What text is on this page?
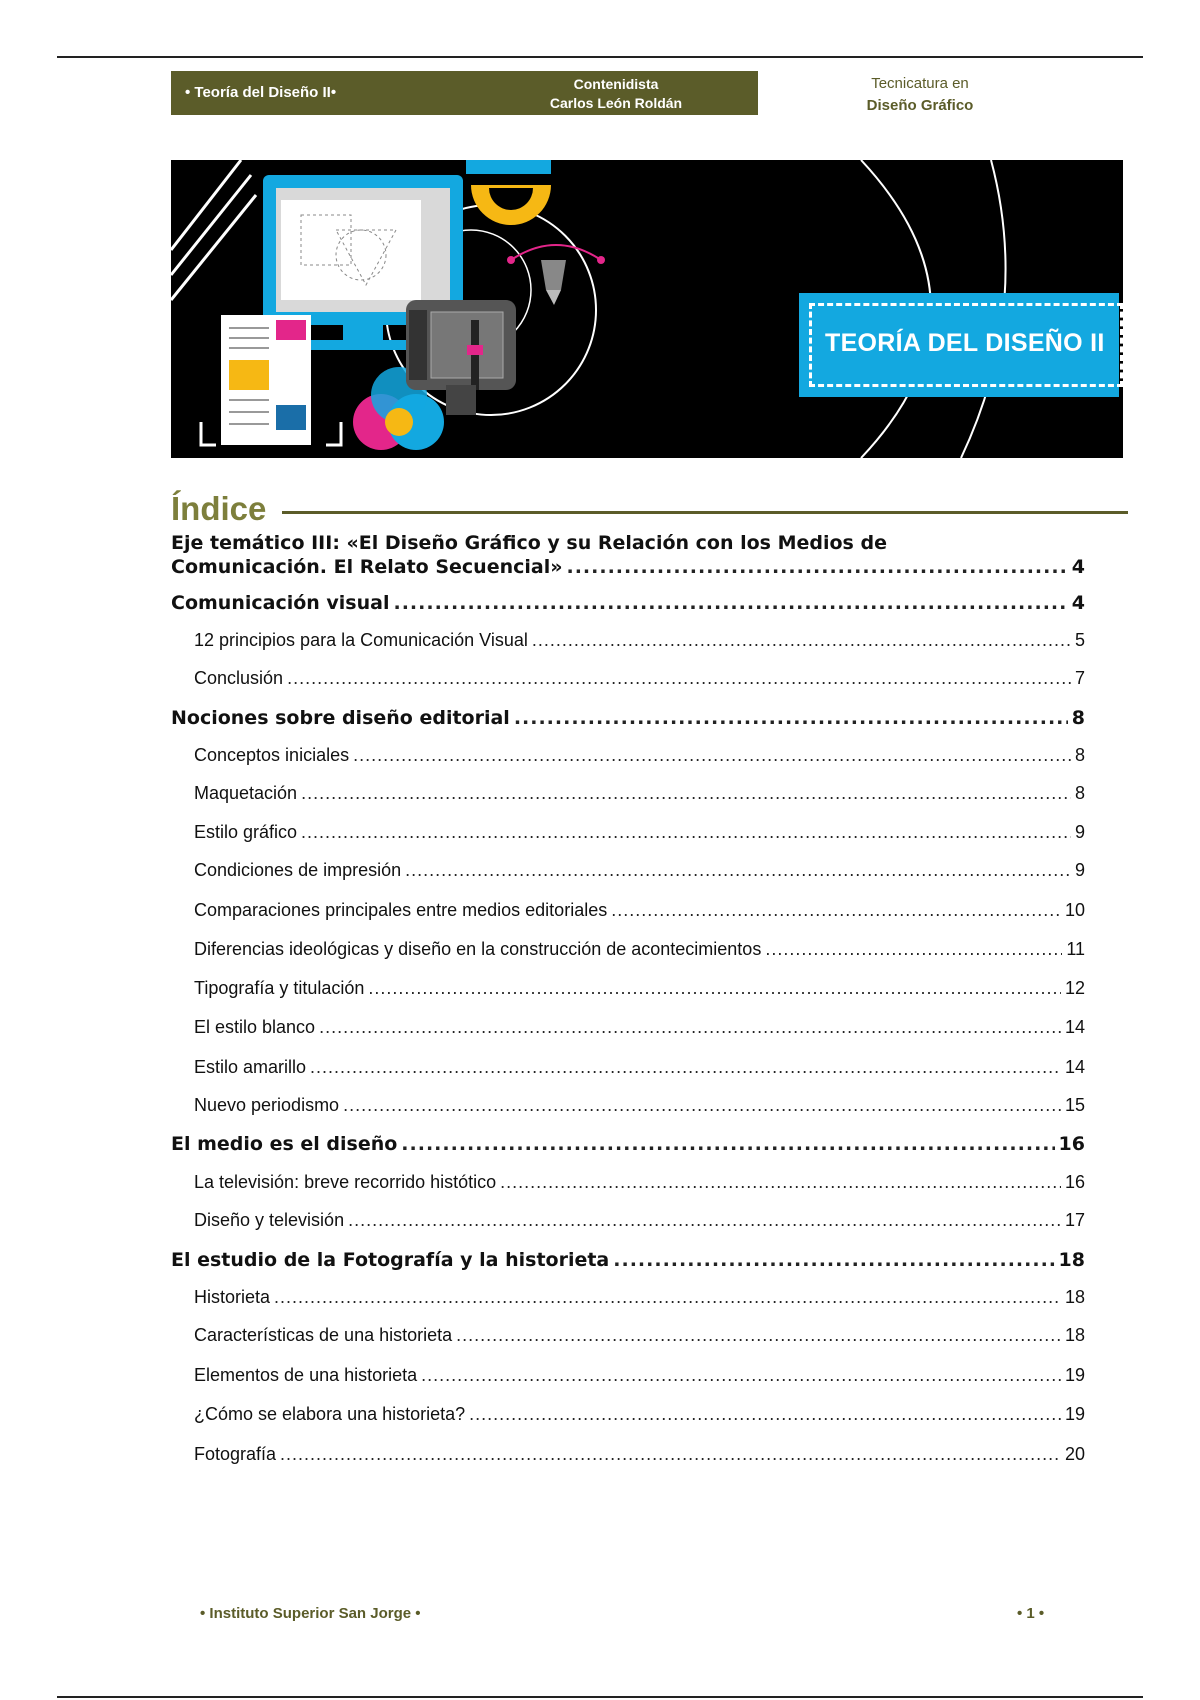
• Teoría del Diseño II•	Contenidista
Carlos León Roldán
Tecnicatura en
Diseño Gráfico
TEORÍA DEL DISEÑO II
Índice
Eje temático III: «El Diseño Gráfico y su Relación con los Medios de
Comunicación. El Relato Secuencial» .....	4
Comunicación visual .....	4
12 principios para la Comunicación Visual .....	5
Conclusión .....	7
Nociones sobre diseño editorial .....	8
Conceptos iniciales .....	8
Maquetación .....	8
Estilo gráfico .....	9
Condiciones de impresión .....	9
Comparaciones principales entre medios editoriales .....	10
Diferencias ideológicas y diseño en la construcción de acontecimientos .....	11
Tipografía y titulación .....	12
El estilo blanco .....	14
Estilo amarillo .....	14
Nuevo periodismo .....	15
El medio es el diseño .....	16
La televisión: breve recorrido histótico .....	16
Diseño y televisión .....	17
El estudio de la Fotografía y la historieta .....	18
Historieta .....	18
Características de una historieta .....	18
Elementos de una historieta .....	19
¿Cómo se elabora una historieta? .....	19
Fotografía .....	20
• Instituto Superior San Jorge •	• 1 •
